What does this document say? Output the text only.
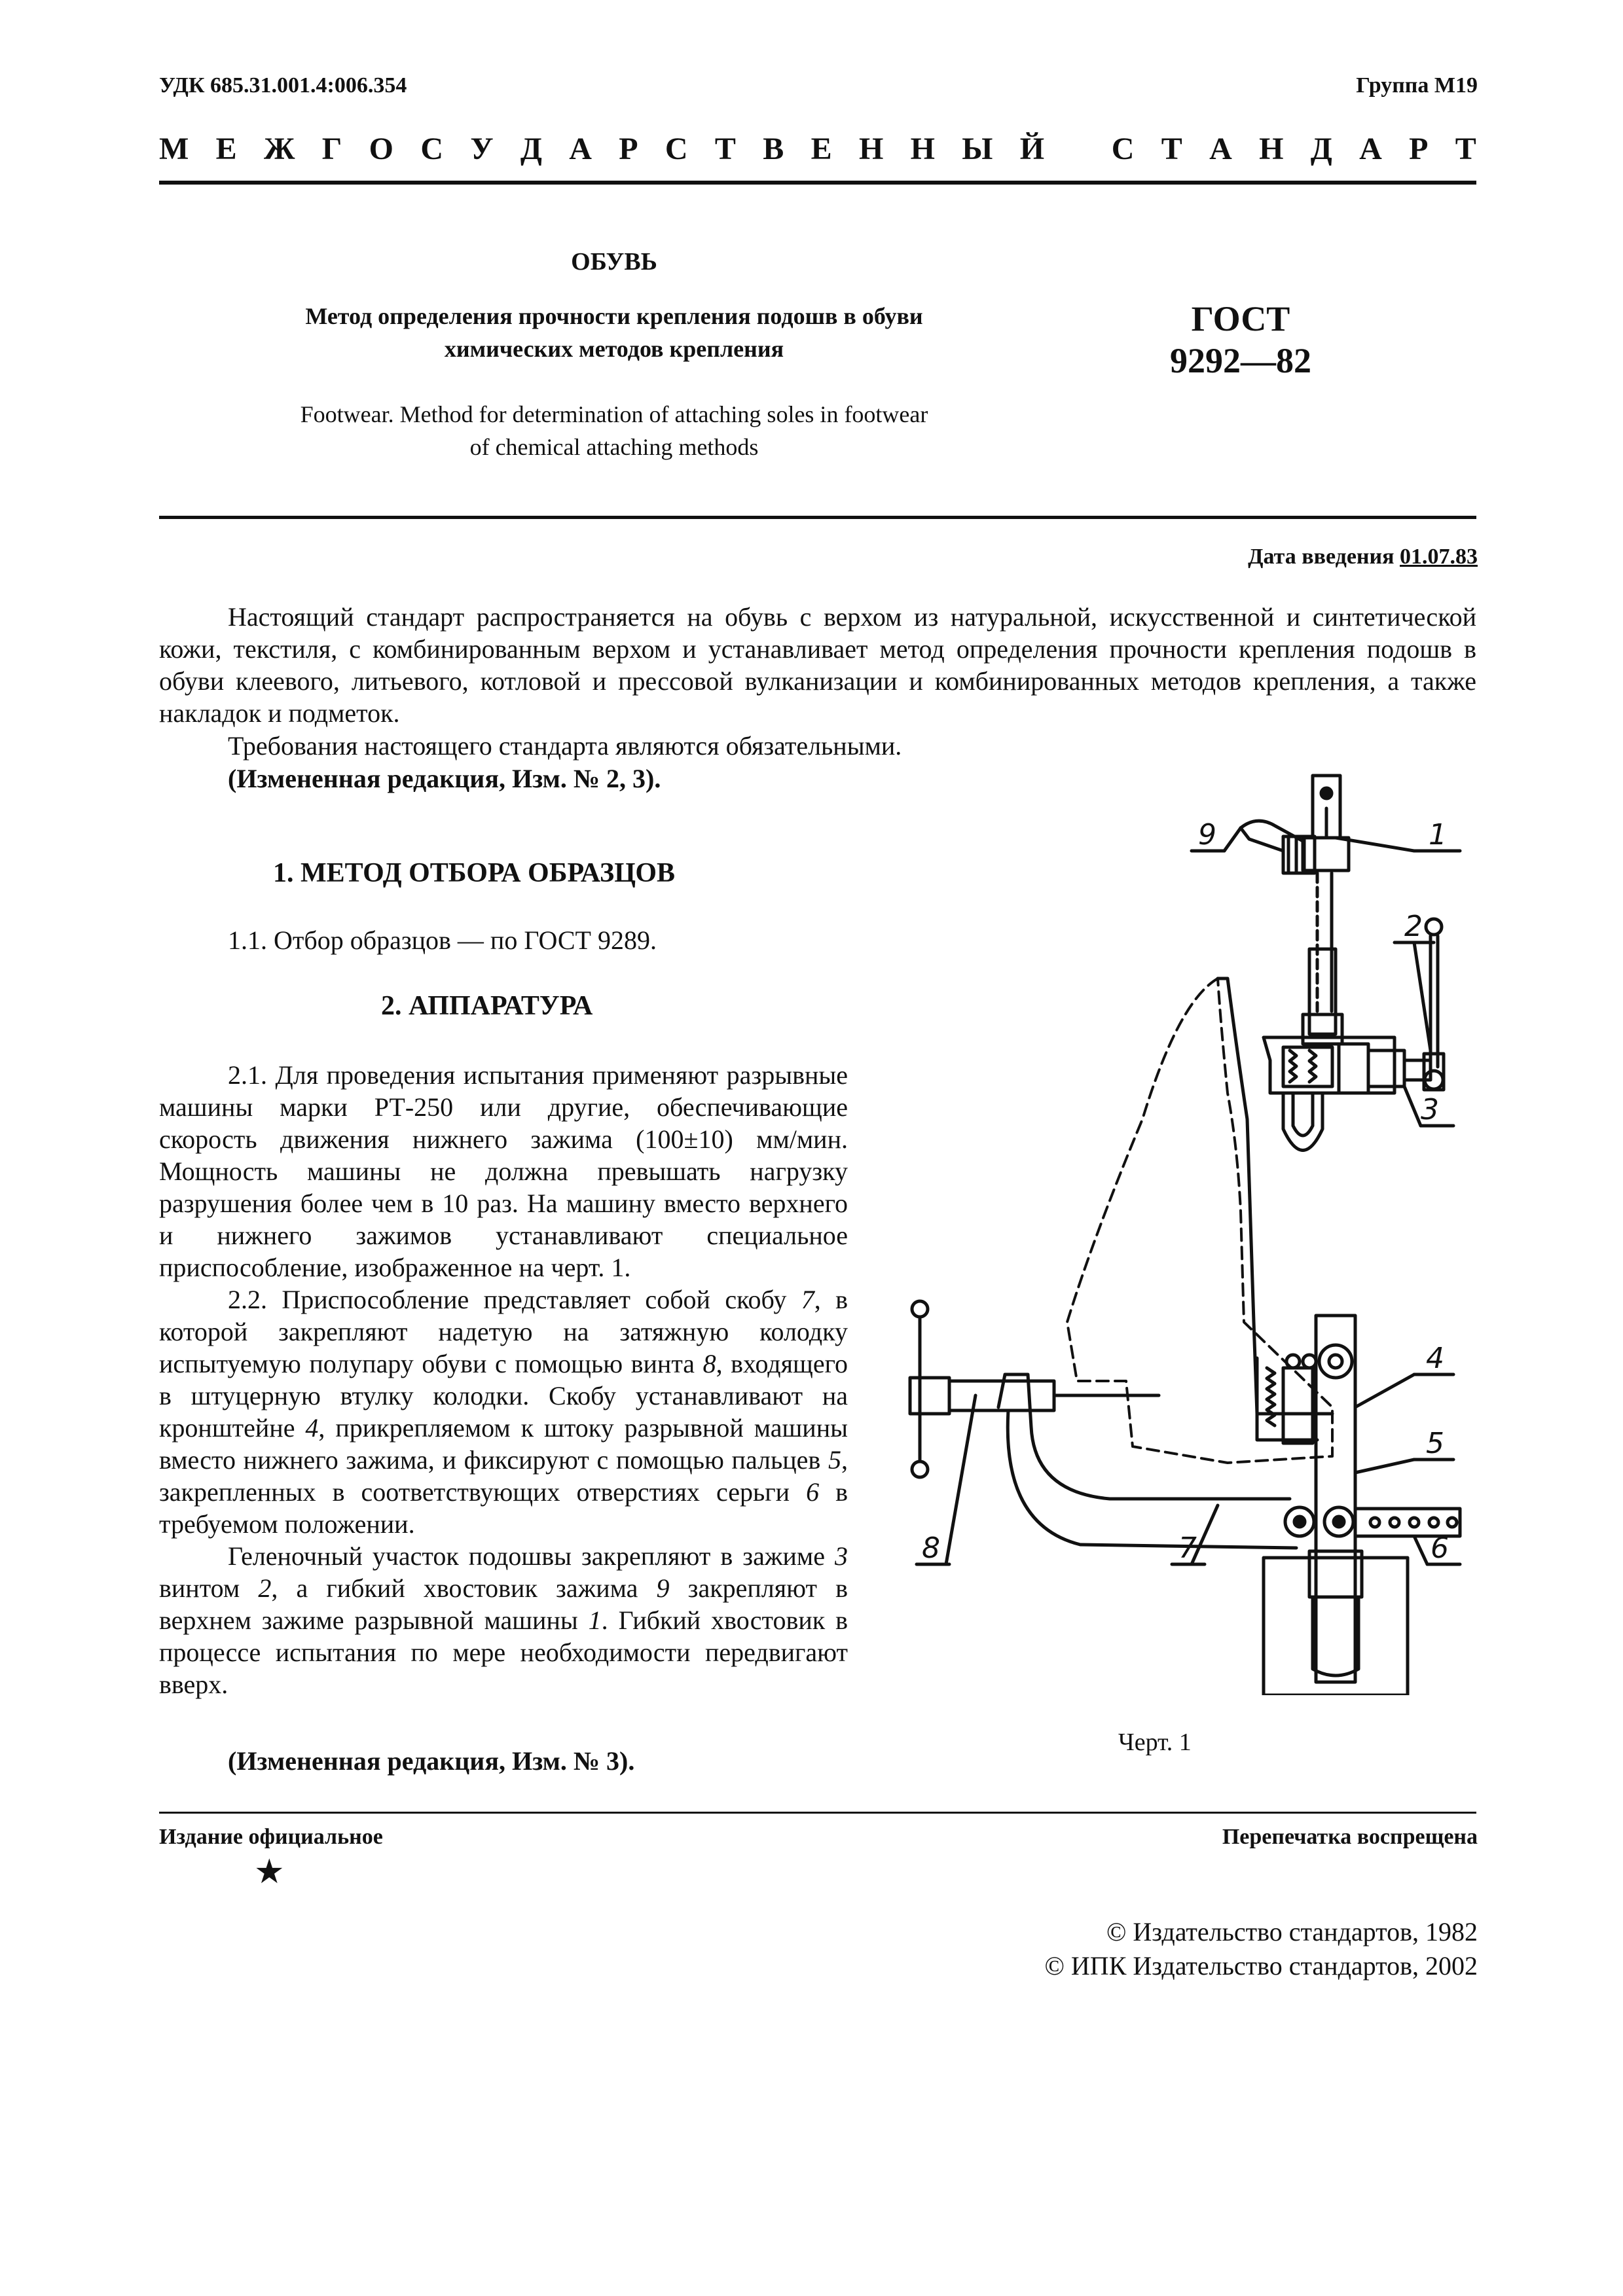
УДК 685.31.001.4:006.354	Группа М19
М Е Ж Г О С У Д А Р С Т В Е Н Н Ы Й С Т А Н Д А Р Т
ОБУВЬ
Метод определения прочности крепления подошв в обуви
химических методов крепления
Footwear. Method for determination of attaching soles in footwear
of chemical attaching methods
ГОСТ
9292—82
Дата введения 01.07.83
Настоящий стандарт распространяется на обувь с верхом из натуральной, искусственной и синтетической кожи, текстиля, с комбинированным верхом и устанавливает метод определения прочности крепления подошв в обуви клеевого, литьевого, котловой и прессовой вулканизации и комбинированных методов крепления, а также накладок и подметок.
Требования настоящего стандарта являются обязательными.
(Измененная редакция, Изм. № 2, 3).
1. МЕТОД ОТБОРА ОБРАЗЦОВ
1.1. Отбор образцов — по ГОСТ 9289.
2. АППАРАТУРА

2.1. Для проведения испытания применяют разрывные машины марки РТ-250 или другие, обеспечивающие скорость движения нижнего зажима (100±10) мм/мин. Мощность машины не должна превышать нагрузку разрушения более чем в 10 раз. На машину вместо верхнего и нижнего зажимов устанавливают специальное приспособление, изображенное на черт. 1.

2.2. Приспособление представляет собой скобу 7, в которой закрепляют надетую на затяжную колодку испытуемую полупару обуви с помощью винта 8, входящего в штуцерную втулку колодки. Скобу устанавливают на кронштейне 4, прикрепляемом к штоку разрывной машины вместо нижнего зажима, и фиксируют с помощью пальцев 5, закрепленных в соответствующих отверстиях серьги 6 в требуемом положении.

Геленочный участок подошвы закрепляют в зажиме 3 винтом 2, а гибкий хвостовик зажима 9 закрепляют в верхнем зажиме разрывной машины 1. Гибкий хвостовик в процессе испытания по мере необходимости передвигают вверх.

(Измененная редакция, Изм. № 3).
1
2
3
4
5
6
7
8
9
Черт. 1
Издание официальное	Перепечатка воспрещена
★
© Издательство стандартов, 1982
© ИПК Издательство стандартов, 2002
